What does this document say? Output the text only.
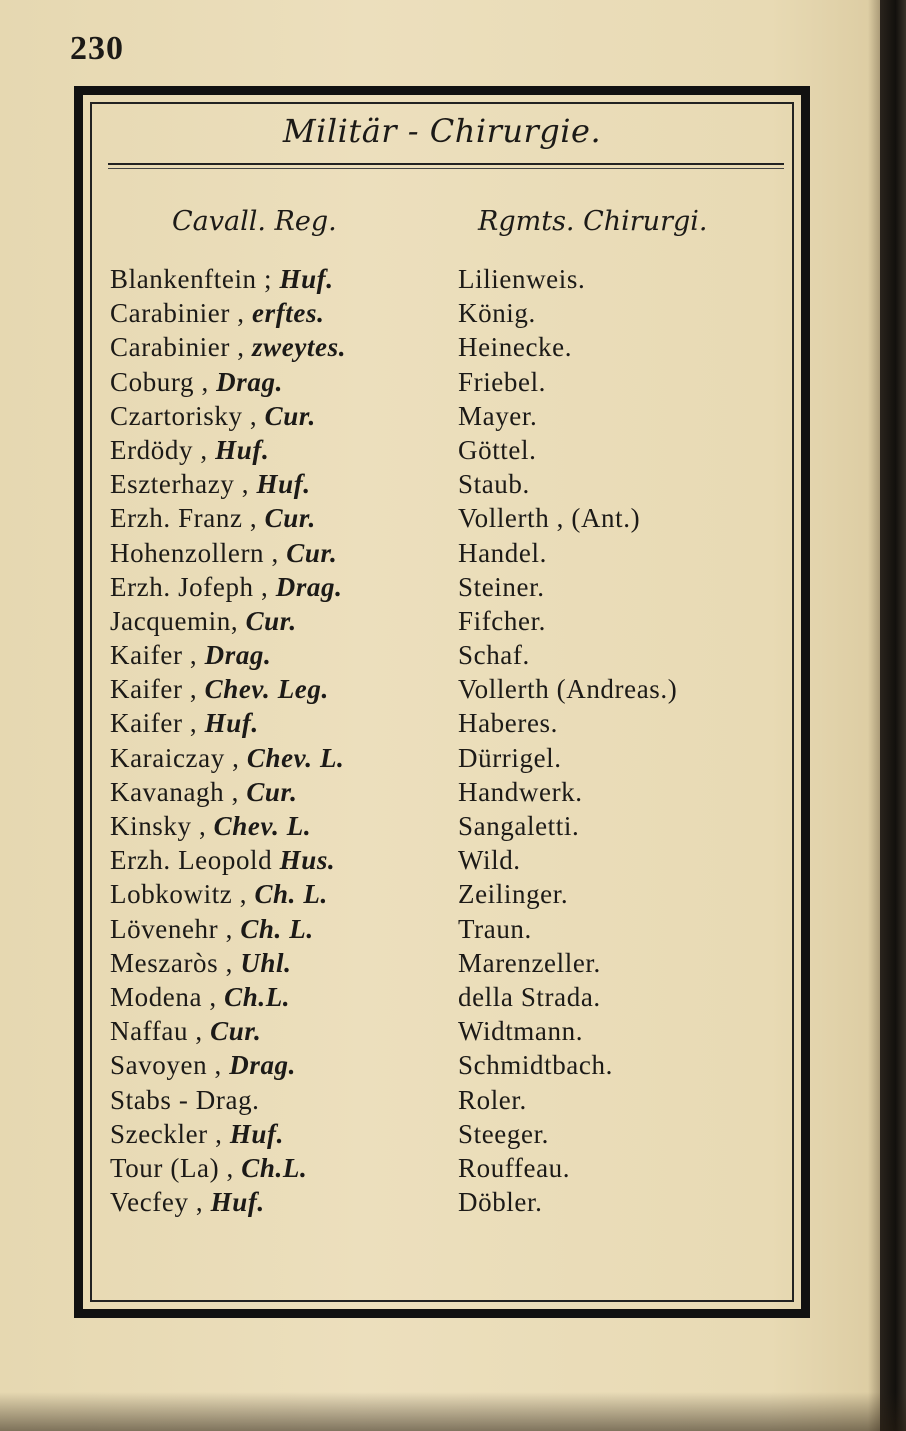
230
Militär - Chirurgie.
Cavall. Reg.	Rgmts. Chirurgi.
Blankenftein ; Huf.	Lilienweis.
Carabinier , erftes.	König.
Carabinier , zweytes.	Heinecke.
Coburg , Drag.	Friebel.
Czartorisky , Cur.	Mayer.
Erdödy , Huf.	Göttel.
Eszterhazy , Huf.	Staub.
Erzh. Franz , Cur.	Vollerth , (Ant.)
Hohenzollern , Cur.	Handel.
Erzh. Jofeph , Drag.	Steiner.
Jacquemin, Cur.	Fifcher.
Kaifer , Drag.	Schaf.
Kaifer , Chev. Leg.	Vollerth (Andreas.)
Kaifer , Huf.	Haberes.
Karaiczay , Chev. L.	Dürrigel.
Kavanagh , Cur.	Handwerk.
Kinsky , Chev. L.	Sangaletti.
Erzh. Leopold Hus.	Wild.
Lobkowitz , Ch. L.	Zeilinger.
Lövenehr , Ch. L.	Traun.
Meszaròs , Uhl.	Marenzeller.
Modena , Ch.L.	della Strada.
Naffau , Cur.	Widtmann.
Savoyen , Drag.	Schmidtbach.
Stabs - Drag.	Roler.
Szeckler , Huf.	Steeger.
Tour (La) , Ch.L.	Rouffeau.
Vecfey , Huf.	Döbler.
